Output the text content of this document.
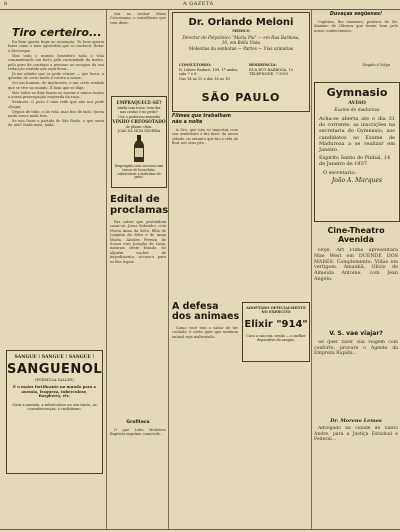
8	A GAZETA
Tiro certeiro...

Eu bem queria fugir ao assumpto. Tu bem queria fazer como o meu aguerrido que se conhece: Botar o Dirceeque.

Mas todo o mundo brasileiro toda a vida commentando um facto pela curiosidade do teatro, pelo grau de contagio a pessoas ao escapou da sua redacção sentido que aqui ficou...

Já me admito que se pode vencer — que lucro, a questão de certo modo é contra a nossa...

Sei um homem, do instinctivo, e um certo sentido que se vive no mundo. É bom que se diga.

Nós todos os dias fazem as nossas e nunca temos a nossa preocupação esquerda da raça...

Senhorio. O povo é uma rede que não nos pode chegar.

Depois de tudo, e da vida, mas fico de lado. Quem nada vence nada tem.

Se não fosse o partido de São Paulo, o que seria de nós? Nada mais, nada.

SANGUE ! SANGUE ! SANGUE !
SANGUENOL
(FORMULA SALLES)
É o maior fortificante no mundo para a anemia, fraqueza, tuberculose, Raspberry, etc.
Cura a anemia, a tuberculose no seu inicio, as convalescenças, o rachitismo.

tira ao senhor Maxo Crisostomo, o conselheiro que vem dizer:

EMPRAQUECE-SE?
Ainda tem tosse, tem dor nas costas e no peito?
Use o poderoso remedio
VINHO CREOSOTADO
do pharm.-chim.
JOÃO DA SILVA SILVEIRA
Empregado com successo nas tosses de bronchitis, tuberculose e molestias do peito.
Edital de proclamas

Faz saber que pretendem casar-se: Jesus Sobrinho, com Maria Anna da Silva, filha de Joaquim da Silva e de Anna Maria. Alcides Pereira de Souza com Josepha de Lima, naturais deste Estado. Se alguém souber de impedimento, accuse-o para os fins legais.

Grafiteca

O que Lobo Medeiros Baptista imprime comovido...

Dr. Orlando Meloni
MEDICO
Director do Polyclinico "Maria Pia" — em Rua Barbosa, 10, em Bella Vista
Molestias da senhoras — Partos — Vias urinarias
CONSULTORIO:
R. Libero Badaró, 108, 1º andar, sala 7 e 8
Das 14 as 15 e das 16 as 18
RESIDENCIA:
RUA RUY BARBOSA, 10
TELEPHONE, 7-3555
SÃO PAULO
Filmes que trabalham não a noite

A Sra. que não se importar com seu semblante e faz fazer da nossa cidade, no entanto que faz a vida de fluir aos seus pés...

A defesa dos animaes

Como você tem o sabor de ter cuidado, é certo quer que nenhum animal seja maltratado...

ADOPTADO OFFICIALMENTE NO EXERCITO
Elixir "914"
Cura a sua raiz, sendo — o melhor depurativo do sangue.
Duvaças seqüenes!

Capitães, lhe enumero, poderes de Mr. Maximo de Oliveira que foram bem pelo nosso conhecimento.

Regalo á Volga
Gymnasio
AVISO
Exame de madureza
Acha-se aberta ate o dia 31 do corrente, as inscrições na secretaria do Gymnasio, aos candidatos ao Exame de Madureza a se realizar em Janeiro.
Espirito Santo do Pinhal, 14 de Janeiro de 1937.
O secretario:
João A. Marques
Cine-Theatro Avenida

Hoje, Art Films apresentará Mae West em DUENDE DOS MARES. Complemento: Vidas em vertigem. Amanhã, Olivio de Almeida Antoine, com Jean Angelo.

V. S. vae viajar?

Se quer fazer sua viagem com conforto, procure o Agente da Empreza Rapida...

Dr. Moreno Lemos

Advogado na cidade de Santo Andre, para a Justiça Estadual e Federal...
